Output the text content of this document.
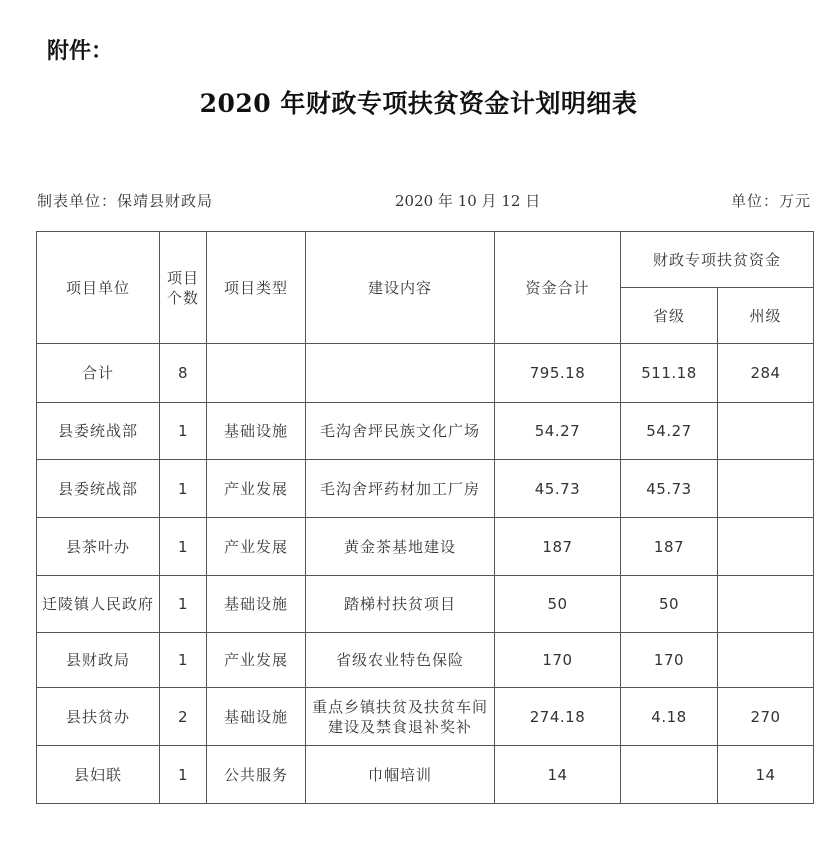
附件：
2020 年财政专项扶贫资金计划明细表
制表单位：保靖县财政局	2020 年 10 月 12 日	单位：万元
项目单位	项目个数	项目类型	建设内容	资金合计	财政专项扶贫资金	
					省级	州级
合计	8			795.18	511.18	284
县委统战部	1	基础设施	毛沟舍坪民族文化广场	54.27	54.27	
县委统战部	1	产业发展	毛沟舍坪药材加工厂房	45.73	45.73	
县茶叶办	1	产业发展	黄金茶基地建设	187	187	
迁陵镇人民政府	1	基础设施	踏梯村扶贫项目	50	50	
县财政局	1	产业发展	省级农业特色保险	170	170	
县扶贫办	2	基础设施	重点乡镇扶贫及扶贫车间建设及禁食退补奖补	274.18	4.18	270
县妇联	1	公共服务	巾帼培训	14		14
